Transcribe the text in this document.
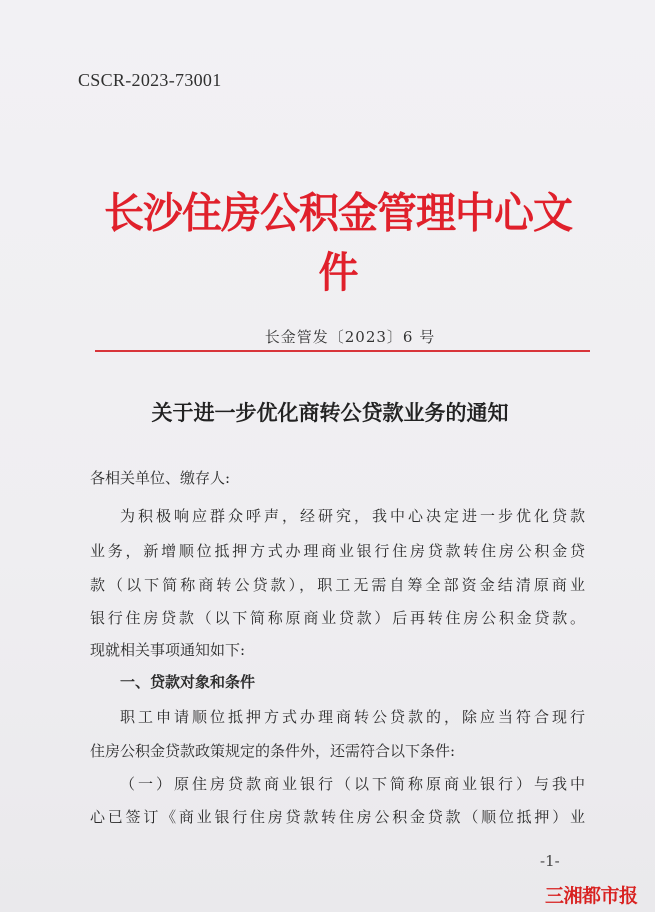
CSCR-2023-73001
长沙住房公积金管理中心文件
长金管发〔2023〕6 号
关于进一步优化商转公贷款业务的通知
各相关单位、缴存人:
为积极响应群众呼声，经研究，我中心决定进一步优化贷款
业务，新增顺位抵押方式办理商业银行住房贷款转住房公积金贷
款（以下简称商转公贷款），职工无需自筹全部资金结清原商业
银行住房贷款（以下简称原商业贷款）后再转住房公积金贷款。
现就相关事项通知如下:
一、贷款对象和条件
职工申请顺位抵押方式办理商转公贷款的，除应当符合现行
住房公积金贷款政策规定的条件外，还需符合以下条件:
（一）原住房贷款商业银行（以下简称原商业银行）与我中
心已签订《商业银行住房贷款转住房公积金贷款（顺位抵押）业
-1-
三湘都市报
